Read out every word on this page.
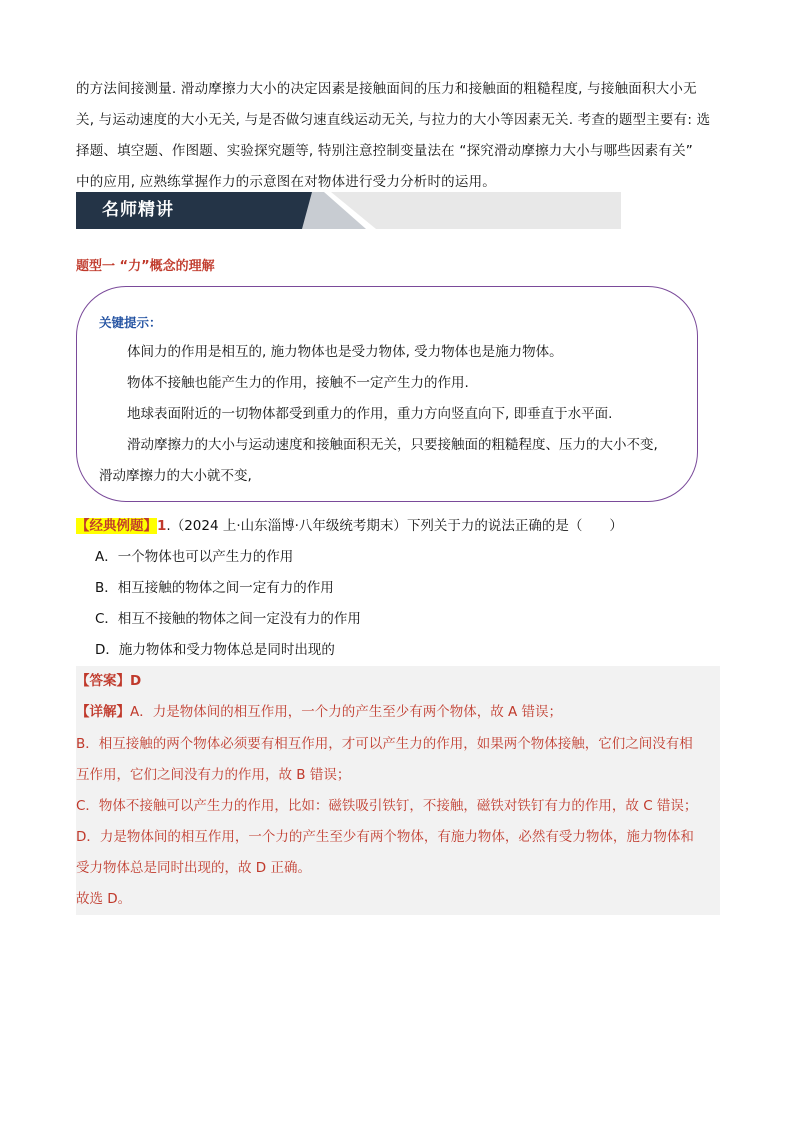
的方法间接测量. 滑动摩擦力大小的决定因素是接触面间的压力和接触面的粗糙程度, 与接触面积大小无
关, 与运动速度的大小无关, 与是否做匀速直线运动无关, 与拉力的大小等因素无关. 考查的题型主要有: 选
择题、填空题、作图题、实验探究题等, 特别注意控制变量法在 “探究滑动摩擦力大小与哪些因素有关”
中的应用, 应熟练掌握作力的示意图在对物体进行受力分析时的运用。
名师精讲
题型一 “力”概念的理解
关键提示：
体间力的作用是相互的, 施力物体也是受力物体, 受力物体也是施力物体。
物体不接触也能产生力的作用，接触不一定产生力的作用.
地球表面附近的一切物体都受到重力的作用，重力方向竖直向下, 即垂直于水平面.
滑动摩擦力的大小与运动速度和接触面积无关，只要接触面的粗糙程度、压力的大小不变,
滑动摩擦力的大小就不变,
【经典例题】1.（2024 上·山东淄博·八年级统考期末）下列关于力的说法正确的是（　　）
A．一个物体也可以产生力的作用
B．相互接触的物体之间一定有力的作用
C．相互不接触的物体之间一定没有力的作用
D．施力物体和受力物体总是同时出现的
【答案】D
【详解】A．力是物体间的相互作用，一个力的产生至少有两个物体，故 A 错误；
B．相互接触的两个物体必须要有相互作用，才可以产生力的作用，如果两个物体接触，它们之间没有相
互作用，它们之间没有力的作用，故 B 错误；
C．物体不接触可以产生力的作用，比如：磁铁吸引铁钉，不接触，磁铁对铁钉有力的作用，故 C 错误；
D．力是物体间的相互作用，一个力的产生至少有两个物体，有施力物体，必然有受力物体，施力物体和
受力物体总是同时出现的，故 D 正确。
故选 D。
